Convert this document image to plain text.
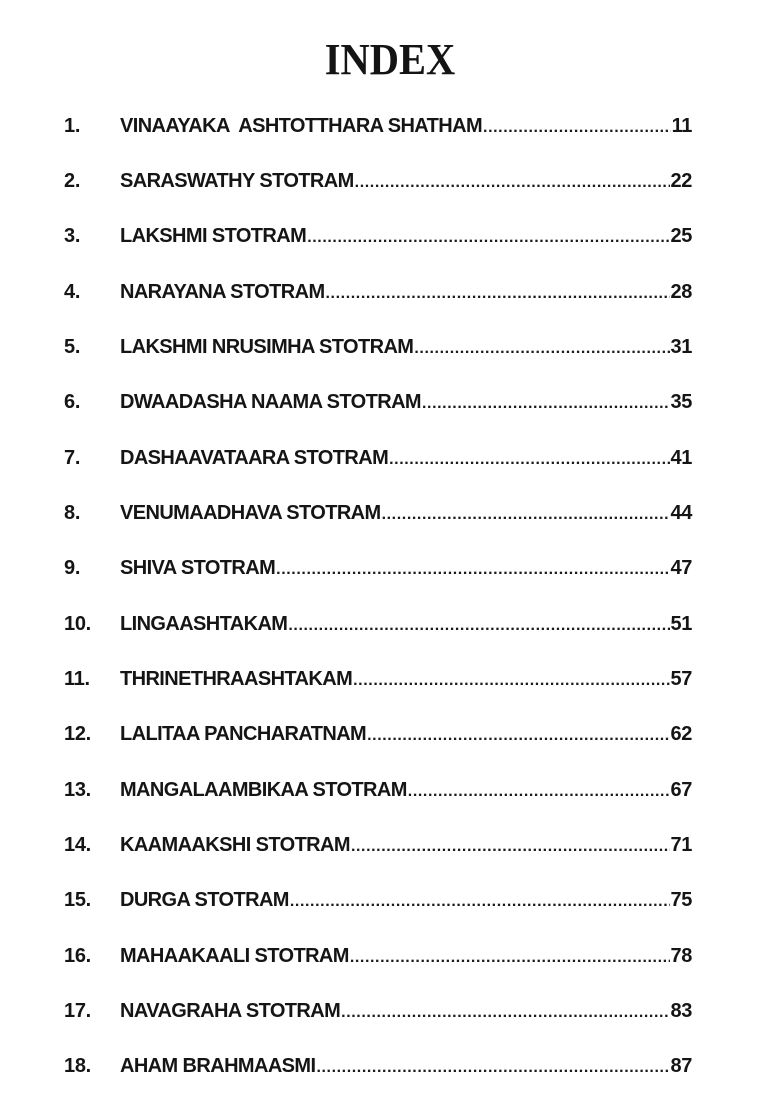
INDEX
1.	VINAAYAKA  ASHTOTTHARA SHATHAM .....	11
2.	SARASWATHY STOTRAM .....	22
3.	LAKSHMI STOTRAM .....	25
4.	NARAYANA STOTRAM .....	28
5.	LAKSHMI NRUSIMHA STOTRAM .....	31
6.	DWAADASHA NAAMA STOTRAM .....	35
7.	DASHAAVATAARA STOTRAM .....	41
8.	VENUMAADHAVA STOTRAM .....	44
9.	SHIVA STOTRAM .....	47
10.	LINGAASHTAKAM .....	51
11.	THRINETHRAASHTAKAM .....	57
12.	LALITAA PANCHARATNAM .....	62
13.	MANGALAAMBIKAA STOTRAM .....	67
14.	KAAMAAKSHI STOTRAM .....	71
15.	DURGA STOTRAM .....	75
16.	MAHAAKAALI STOTRAM .....	78
17.	NAVAGRAHA STOTRAM .....	83
18.	AHAM BRAHMAASMI .....	87
